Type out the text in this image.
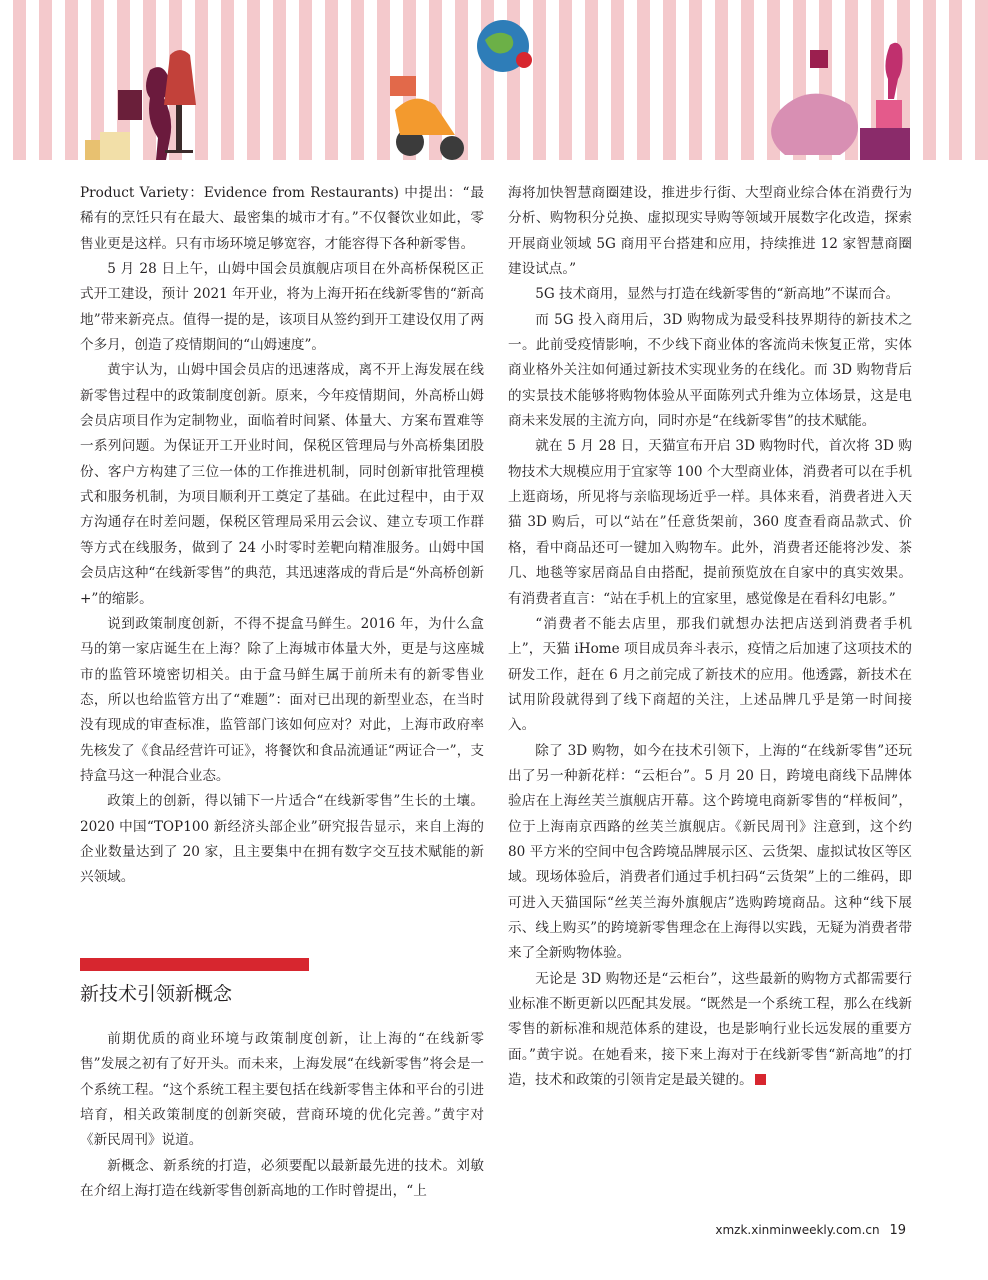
Product Variety：Evidence from Restaurants) 中提出：“最稀有的烹饪只有在最大、最密集的城市才有。”不仅餐饮业如此，零售业更是这样。只有市场环境足够宽容，才能容得下各种新零售。

5 月 28 日上午，山姆中国会员旗舰店项目在外高桥保税区正式开工建设，预计 2021 年开业，将为上海开拓在线新零售的“新高地”带来新亮点。值得一提的是，该项目从签约到开工建设仅用了两个多月，创造了疫情期间的“山姆速度”。

黄宇认为，山姆中国会员店的迅速落成，离不开上海发展在线新零售过程中的政策制度创新。原来，今年疫情期间，外高桥山姆会员店项目作为定制物业，面临着时间紧、体量大、方案布置难等一系列问题。为保证开工开业时间，保税区管理局与外高桥集团股份、客户方构建了三位一体的工作推进机制，同时创新审批管理模式和服务机制，为项目顺利开工奠定了基础。在此过程中，由于双方沟通存在时差问题，保税区管理局采用云会议、建立专项工作群等方式在线服务，做到了 24 小时零时差靶向精准服务。山姆中国会员店这种“在线新零售”的典范，其迅速落成的背后是“外高桥创新 +”的缩影。

说到政策制度创新，不得不提盒马鲜生。2016 年，为什么盒马的第一家店诞生在上海？除了上海城市体量大外，更是与这座城市的监管环境密切相关。由于盒马鲜生属于前所未有的新零售业态，所以也给监管方出了“难题”：面对已出现的新型业态，在当时没有现成的审查标准，监管部门该如何应对？对此，上海市政府率先核发了《食品经营许可证》，将餐饮和食品流通证“两证合一”，支持盒马这一种混合业态。

政策上的创新，得以铺下一片适合“在线新零售”生长的土壤。2020 中国“TOP100 新经济头部企业”研究报告显示，来自上海的企业数量达到了 20 家，且主要集中在拥有数字交互技术赋能的新兴领域。

新技术引领新概念

前期优质的商业环境与政策制度创新，让上海的“在线新零售”发展之初有了好开头。而未来，上海发展“在线新零售”将会是一个系统工程。“这个系统工程主要包括在线新零售主体和平台的引进培育，相关政策制度的创新突破，营商环境的优化完善。”黄宇对《新民周刊》说道。

新概念、新系统的打造，必须要配以最新最先进的技术。刘敏在介绍上海打造在线新零售创新高地的工作时曾提出，“上

海将加快智慧商圈建设，推进步行街、大型商业综合体在消费行为分析、购物积分兑换、虚拟现实导购等领域开展数字化改造，探索开展商业领域 5G 商用平台搭建和应用，持续推进 12 家智慧商圈建设试点。”

5G 技术商用，显然与打造在线新零售的“新高地”不谋而合。

而 5G 投入商用后，3D 购物成为最受科技界期待的新技术之一。此前受疫情影响，不少线下商业体的客流尚未恢复正常，实体商业格外关注如何通过新技术实现业务的在线化。而 3D 购物背后的实景技术能够将购物体验从平面陈列式升维为立体场景，这是电商未来发展的主流方向，同时亦是“在线新零售”的技术赋能。

就在 5 月 28 日，天猫宣布开启 3D 购物时代，首次将 3D 购物技术大规模应用于宜家等 100 个大型商业体，消费者可以在手机上逛商场，所见将与亲临现场近乎一样。具体来看，消费者进入天猫 3D 购后，可以“站在”任意货架前，360 度查看商品款式、价格，看中商品还可一键加入购物车。此外，消费者还能将沙发、茶几、地毯等家居商品自由搭配，提前预览放在自家中的真实效果。有消费者直言：“站在手机上的宜家里，感觉像是在看科幻电影。”

“消费者不能去店里，那我们就想办法把店送到消费者手机上”，天猫 iHome 项目成员奔斗表示，疫情之后加速了这项技术的研发工作，赶在 6 月之前完成了新技术的应用。他透露，新技术在试用阶段就得到了线下商超的关注，上述品牌几乎是第一时间接入。

除了 3D 购物，如今在技术引领下，上海的“在线新零售”还玩出了另一种新花样：“云柜台”。5 月 20 日，跨境电商线下品牌体验店在上海丝芙兰旗舰店开幕。这个跨境电商新零售的“样板间”，位于上海南京西路的丝芙兰旗舰店。《新民周刊》注意到，这个约 80 平方米的空间中包含跨境品牌展示区、云货架、虚拟试妆区等区域。现场体验后，消费者们通过手机扫码“云货架”上的二维码，即可进入天猫国际“丝芙兰海外旗舰店”选购跨境商品。这种“线下展示、线上购买”的跨境新零售理念在上海得以实践，无疑为消费者带来了全新购物体验。

无论是 3D 购物还是“云柜台”，这些最新的购物方式都需要行业标准不断更新以匹配其发展。“既然是一个系统工程，那么在线新零售的新标准和规范体系的建设，也是影响行业长远发展的重要方面。”黄宇说。在她看来，接下来上海对于在线新零售“新高地”的打造，技术和政策的引领肯定是最关键的。

xmzk.xinminweekly.com.cn 19
